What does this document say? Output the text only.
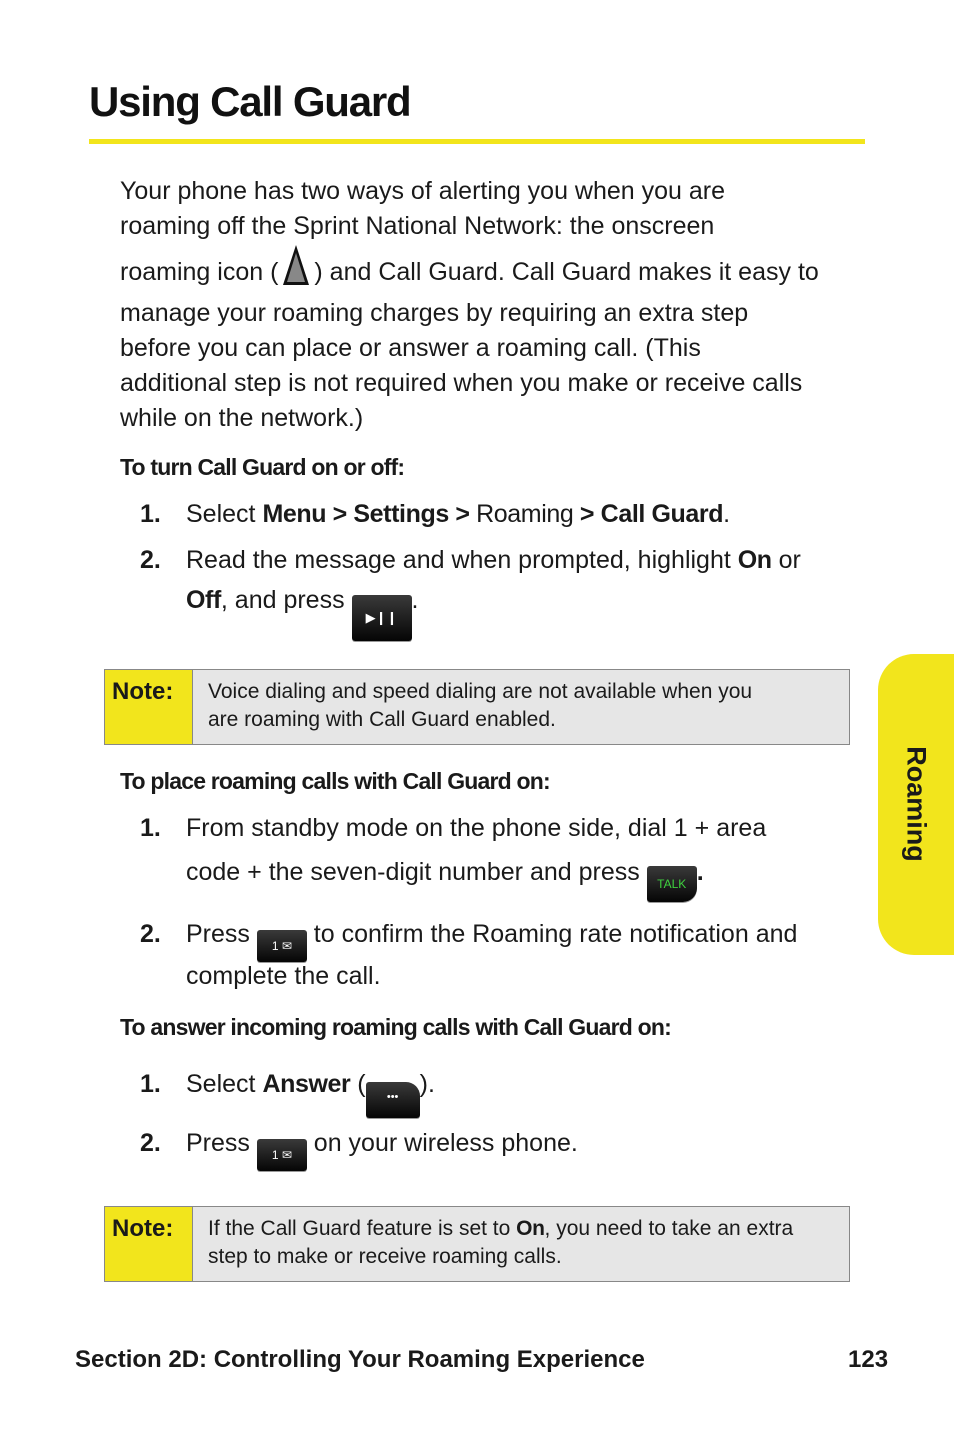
Using Call Guard

Your phone has two ways of alerting you when you are

roaming off the Sprint National Network: the onscreen

roaming icon ( ) and Call Guard. Call Guard makes it easy to

manage your roaming charges by requiring an extra step

before you can place or answer a roaming call. (This

additional step is not required when you make or receive calls

while on the network.)

To turn Call Guard on or off:
1. Select Menu > Settings > Roaming > Call Guard.
2. Read the message and when prompted, highlight On or
Off, and press ▶❙❙.
Note:	Voice dialing and speed dialing are not available when you
are roaming with Call Guard enabled.
To place roaming calls with Call Guard on:
1. From standby mode on the phone side, dial 1 + area
code + the seven-digit number and press TALK .
2. Press 1 ✉ to confirm the Roaming rate notification and
complete the call.
To answer incoming roaming calls with Call Guard on:
1. Select Answer ( ••• ).
2. Press 1 ✉ on your wireless phone.
Note:	If the Call Guard feature is set to On, you need to take an extra
step to make or receive roaming calls.
Roaming
Section 2D: Controlling Your Roaming Experience	123
